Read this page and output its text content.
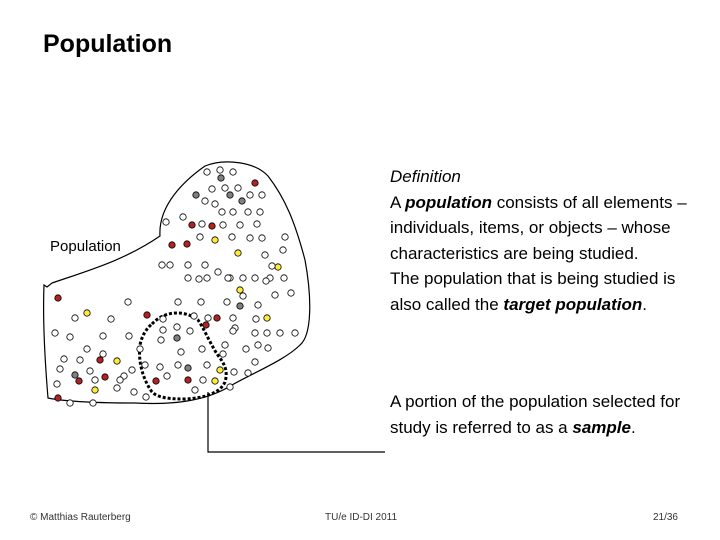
Population
Population
Definition
A population consists of all elements – individuals, items, or objects – whose characteristics are being studied.
The population that is being studied is also called the target population.
A portion of the population selected for study is referred to as a sample.
© Matthias Rauterberg	TU/e ID-DI 2011	21/36
